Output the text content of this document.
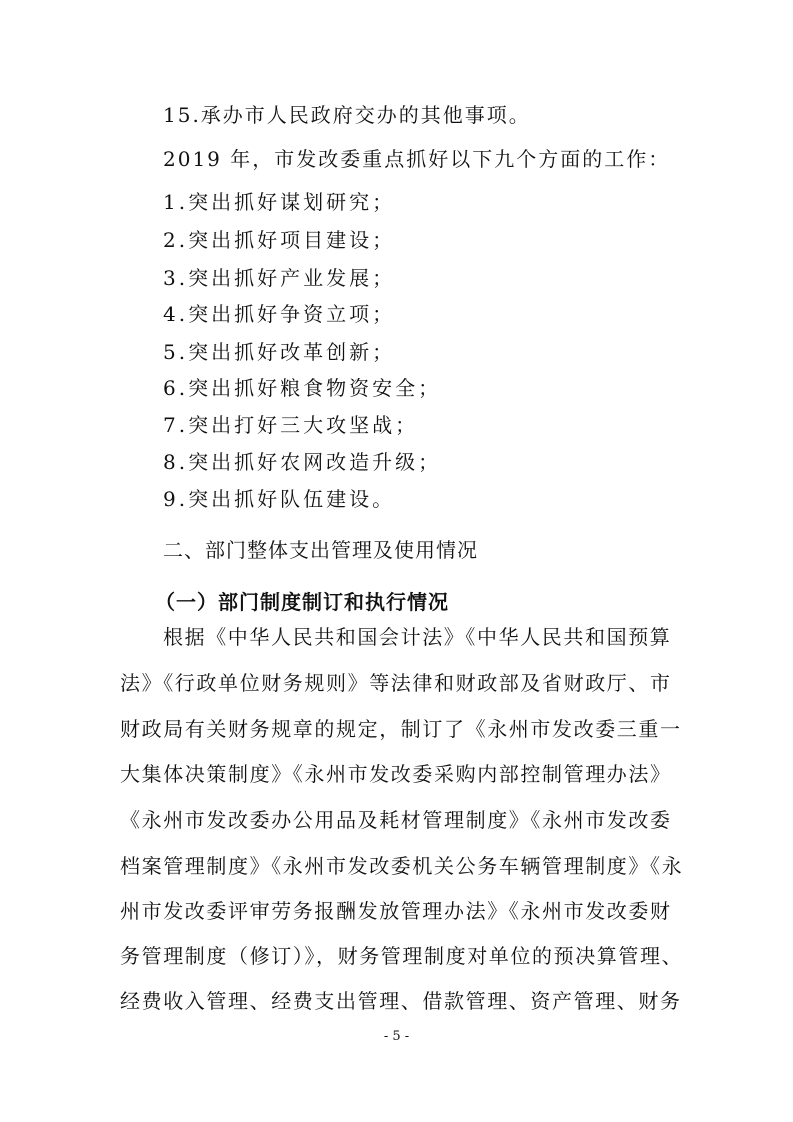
15.承办市人民政府交办的其他事项。
2019 年，市发改委重点抓好以下九个方面的工作：
1.突出抓好谋划研究；
2.突出抓好项目建设；
3.突出抓好产业发展；
4.突出抓好争资立项；
5.突出抓好改革创新；
6.突出抓好粮食物资安全；
7.突出打好三大攻坚战；
8.突出抓好农网改造升级；
9.突出抓好队伍建设。
二、部门整体支出管理及使用情况
（一）部门制度制订和执行情况
根据《中华人民共和国会计法》《中华人民共和国预算
法》《行政单位财务规则》等法律和财政部及省财政厅、市
财政局有关财务规章的规定，制订了《永州市发改委三重一
大集体决策制度》《永州市发改委采购内部控制管理办法》
《永州市发改委办公用品及耗材管理制度》《永州市发改委
档案管理制度》《永州市发改委机关公务车辆管理制度》《永
州市发改委评审劳务报酬发放管理办法》《永州市发改委财
务管理制度（修订）》，财务管理制度对单位的预决算管理、
经费收入管理、经费支出管理、借款管理、资产管理、财务
- 5 -
